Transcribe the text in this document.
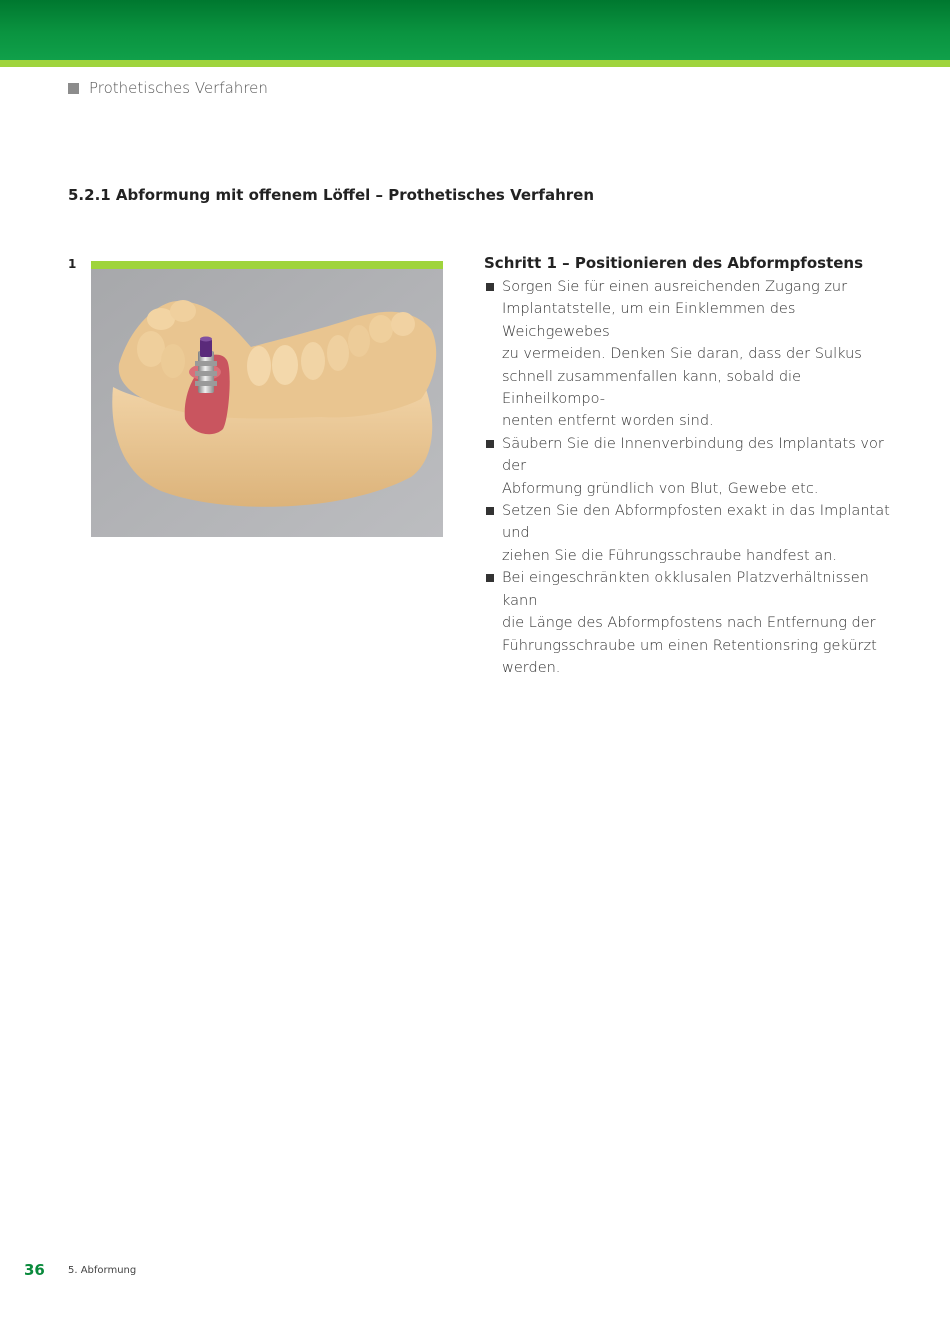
Prothetisches Verfahren
5.2.1 Abformung mit offenem Löffel – Prothetisches Verfahren
1	Schritt 1 – Positionieren des Abformpfostens
Sorgen Sie für einen ausreichenden Zugang zur
Implantatstelle, um ein Einklemmen des Weichgewebes
zu vermeiden. Denken Sie daran, dass der Sulkus
schnell zusammenfallen kann, sobald die Einheilkompo-
nenten entfernt worden sind.
Säubern Sie die Innenverbindung des Implantats vor der
Abformung gründlich von Blut, Gewebe etc.
Setzen Sie den Abformpfosten exakt in das Implantat und
ziehen Sie die Führungsschraube handfest an.
Bei eingeschränkten okklusalen Platzverhältnissen kann
die Länge des Abformpfostens nach Entfernung der
Führungsschraube um einen Retentionsring gekürzt
werden.
36 5. Abformung
